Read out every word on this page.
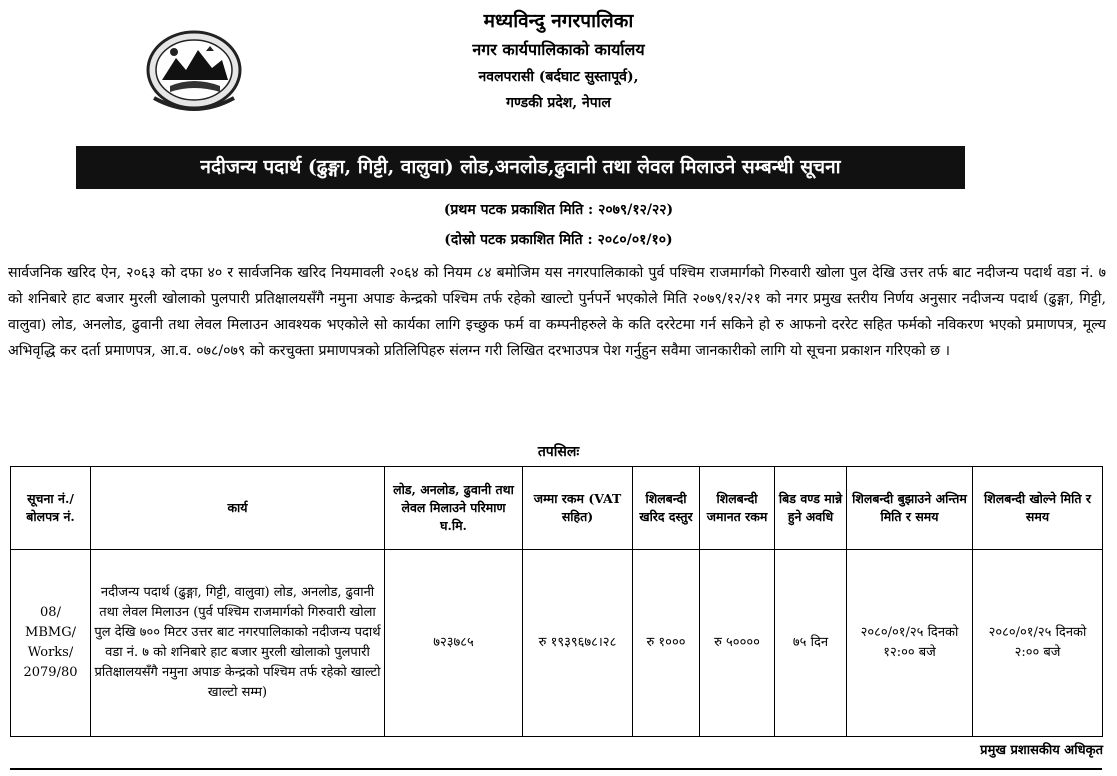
मध्यविन्दु नगरपालिका
नगर कार्यपालिकाको कार्यालय
नवलपरासी (बर्दघाट सुस्तापूर्व),
गण्डकी प्रदेश, नेपाल
नदीजन्य पदार्थ (ढुङ्गा, गिट्टी, वालुवा) लोड,अनलोड,ढुवानी तथा लेवल मिलाउने सम्बन्धी सूचना
(प्रथम पटक प्रकाशित मिति : २०७९/१२/२२)
(दोस्रो पटक प्रकाशित मिति : २०८०/०१/१०)
सार्वजनिक खरिद ऐन, २०६३ को दफा ४० र सार्वजनिक खरिद नियमावली २०६४ को नियम ८४ बमोजिम यस नगरपालिकाको पुर्व पश्चिम राजमार्गको गिरुवारी खोला पुल देखि उत्तर तर्फ बाट नदीजन्य पदार्थ वडा नं. ७ को शनिबारे हाट बजार मुरली खोलाको पुलपारी प्रतिक्षालयसँगै नमुना अपाङ केन्द्रको पश्चिम तर्फ रहेको खाल्टो पुर्नपर्ने भएकोले मिति २०७९/१२/२१ को नगर प्रमुख स्तरीय निर्णय अनुसार नदीजन्य पदार्थ (ढुङ्गा, गिट्टी, वालुवा) लोड, अनलोड, ढुवानी तथा लेवल मिलाउन आवश्यक भएकोले सो कार्यका लागि इच्छुक फर्म वा कम्पनीहरुले के कति दररेटमा गर्न सकिने हो रु आफनो दररेट सहित फर्मको नविकरण भएको प्रमाणपत्र, मूल्य अभिवृद्धि कर दर्ता प्रमाणपत्र, आ.व. ०७८/०७९ को करचुक्ता प्रमाणपत्रको प्रतिलिपिहरु संलग्न गरी लिखित दरभाउपत्र पेश गर्नुहुन सवैमा जानकारीको लागि यो सूचना प्रकाशन गरिएको छ ।
तपसिलः
सूचना नं./ बोलपत्र नं.	कार्य	लोड, अनलोड, ढुवानी तथा लेवल मिलाउने परिमाण घ.मि.	जम्मा रकम (VAT सहित)	शिलबन्दी खरिद दस्तुर	शिलबन्दी जमानत रकम	बिड वण्ड मान्ने हुने अवधि	शिलबन्दी बुझाउने अन्तिम मिति र समय	शिलबन्दी खोल्ने मिति र समय
08/ MBMG/ Works/ 2079/80	नदीजन्य पदार्थ (ढुङ्गा, गिट्टी, वालुवा) लोड, अनलोड, ढुवानी तथा लेवल मिलाउन (पुर्व पश्चिम राजमार्गको गिरुवारी खोला पुल देखि ७०० मिटर उत्तर बाट नगरपालिकाको नदीजन्य पदार्थ वडा नं. ७ को शनिबारे हाट बजार मुरली खोलाको पुलपारी प्रतिक्षालयसँगै नमुना अपाङ केन्द्रको पश्चिम तर्फ रहेको खाल्टो खाल्टो सम्म)	७२३७८५	रु १९३९६७८।२८	रु १०००	रु ५००००	७५ दिन	२०८०/०१/२५ दिनको १२:०० बजे	२०८०/०१/२५ दिनको २:०० बजे
प्रमुख प्रशासकीय अधिकृत
